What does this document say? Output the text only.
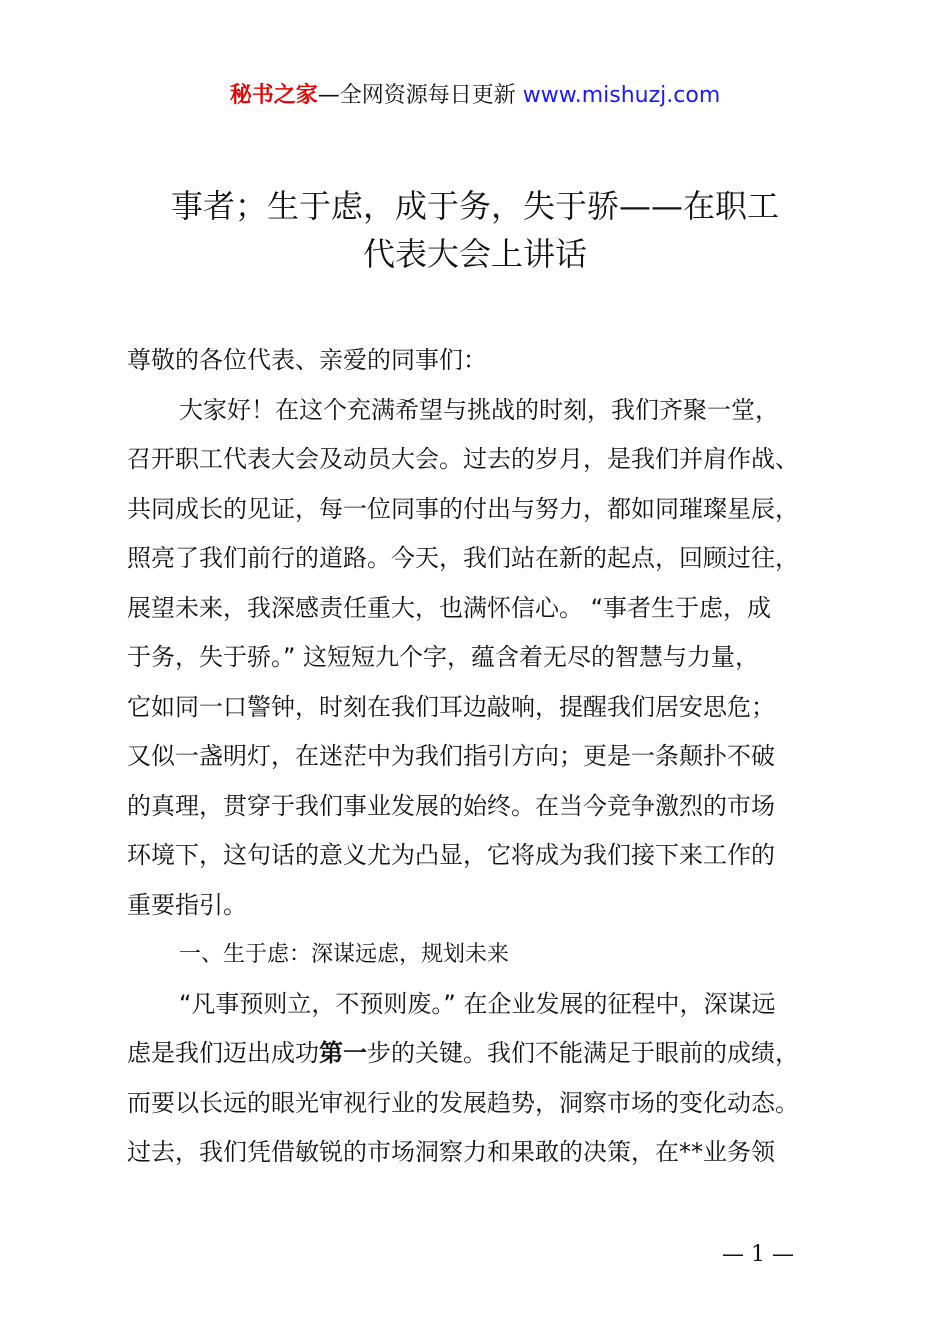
秘书之家—全网资源每日更新 www.mishuzj.com
事者；生于虑，成于务，失于骄——在职工
代表大会上讲话
尊敬的各位代表、亲爱的同事们：
大家好！在这个充满希望与挑战的时刻，我们齐聚一堂，
召开职工代表大会及动员大会。过去的岁月，是我们并肩作战、
共同成长的见证，每一位同事的付出与努力，都如同璀璨星辰，
照亮了我们前行的道路。今天，我们站在新的起点，回顾过往，
展望未来，我深感责任重大，也满怀信心。 “事者生于虑，成
于务，失于骄。” 这短短九个字，蕴含着无尽的智慧与力量，
它如同一口警钟，时刻在我们耳边敲响，提醒我们居安思危；
又似一盏明灯，在迷茫中为我们指引方向；更是一条颠扑不破
的真理，贯穿于我们事业发展的始终。在当今竞争激烈的市场
环境下，这句话的意义尤为凸显，它将成为我们接下来工作的
重要指引。
一、生于虑：深谋远虑，规划未来
“凡事预则立，不预则废。” 在企业发展的征程中，深谋远
虑是我们迈出成功第一步的关键。我们不能满足于眼前的成绩，
而要以长远的眼光审视行业的发展趋势，洞察市场的变化动态。
过去，我们凭借敏锐的市场洞察力和果敢的决策，在**业务领
— 1 —
